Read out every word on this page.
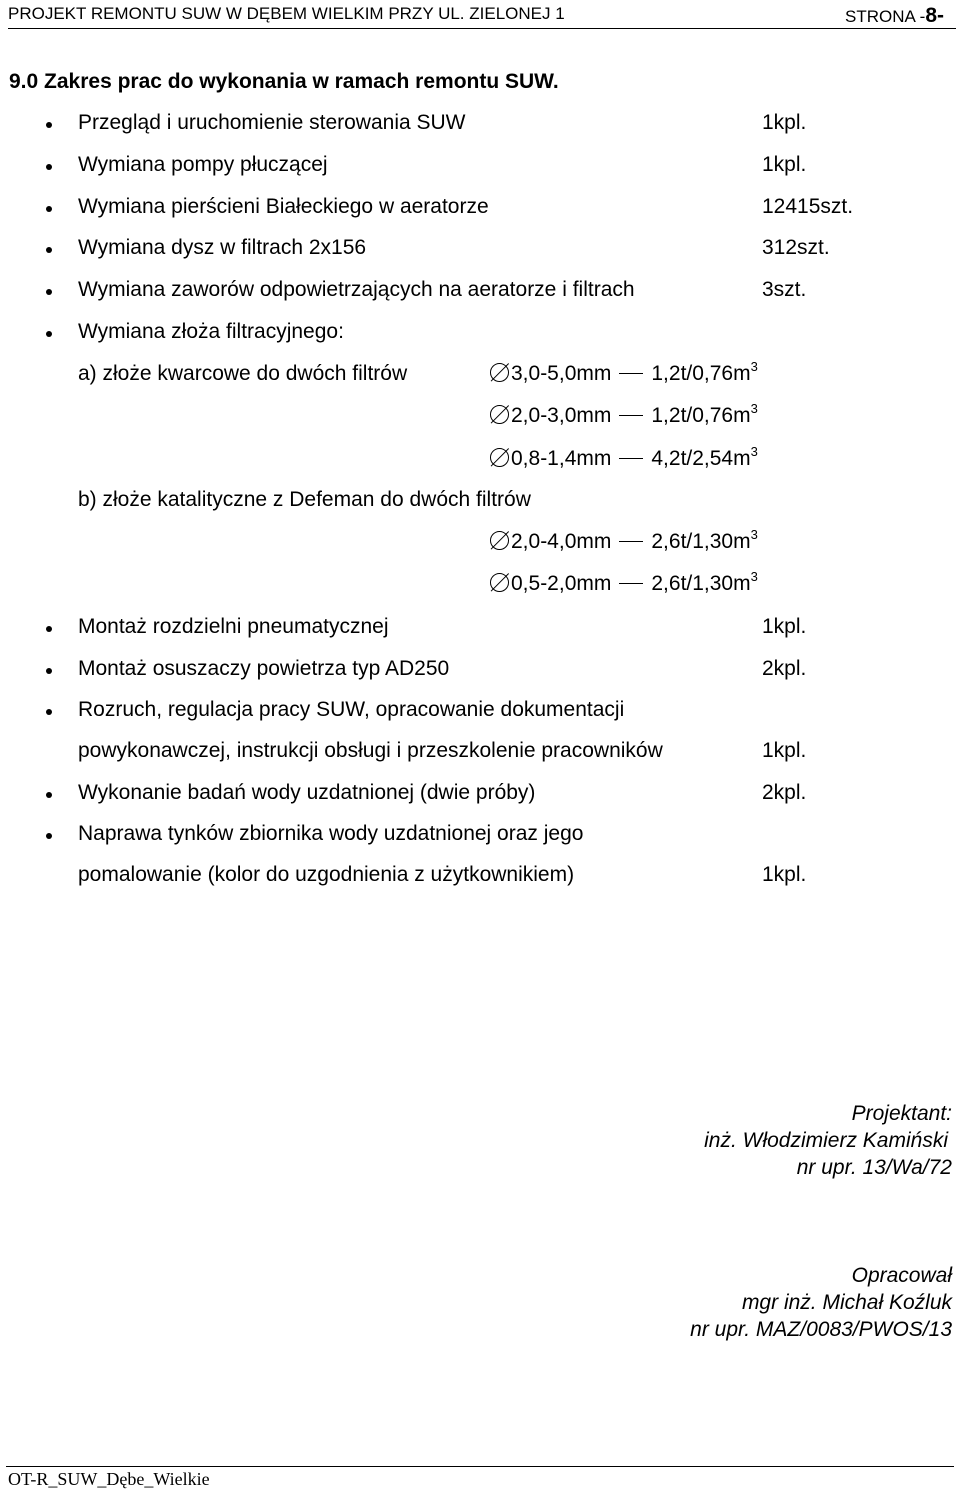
PROJEKT REMONTU SUW W DĘBEM WIELKIM PRZY UL. ZIELONEJ 1	STRONA -8-
9.0 Zakres prac do wykonania w ramach remontu SUW.
Przegląd i uruchomienie sterowania SUW	1kpl.
Wymiana pompy płuczącej	1kpl.
Wymiana pierścieni Białeckiego w aeratorze	12415szt.
Wymiana dysz w filtrach 2x156	312szt.
Wymiana zaworów odpowietrzających na aeratorze i filtrach	3szt.
Wymiana złoża filtracyjnego:
a) złoże kwarcowe do dwóch filtrów	3,0-5,0mm $1,2t/0,76m^3$
2,0-3,0mm $1,2t/0,76m^3$
0,8-1,4mm $4,2t/2,54m^3$
b) złoże katalityczne z Defeman do dwóch filtrów
2,0-4,0mm $2,6t/1,30m^3$
0,5-2,0mm $2,6t/1,30m^3$
Montaż rozdzielni pneumatycznej	1kpl.
Montaż osuszaczy powietrza typ AD250	2kpl.
Rozruch, regulacja pracy SUW, opracowanie dokumentacji
powykonawczej, instrukcji obsługi i przeszkolenie pracowników	1kpl.
Wykonanie badań wody uzdatnionej (dwie próby)	2kpl.
Naprawa tynków zbiornika wody uzdatnionej oraz jego
pomalowanie (kolor do uzgodnienia z użytkownikiem)	1kpl.
Projektant:
inż. Włodzimierz Kamiński
nr upr. 13/Wa/72
Opracował
mgr inż. Michał Koźluk
nr upr. MAZ/0083/PWOS/13
OT-R_SUW_Dębe_Wielkie
